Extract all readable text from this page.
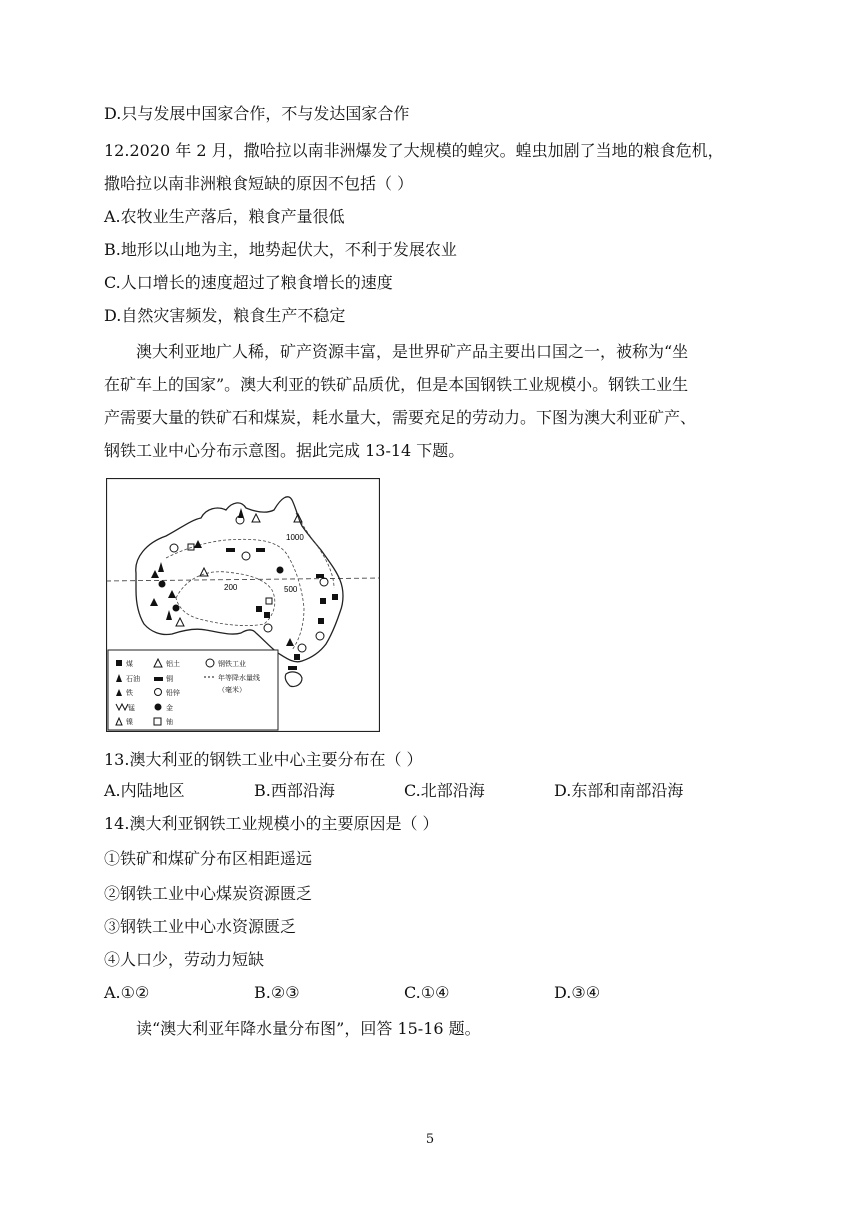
D.只与发展中国家合作，不与发达国家合作
12.2020 年 2 月，撒哈拉以南非洲爆发了大规模的蝗灾。蝗虫加剧了当地的粮食危机，
撒哈拉以南非洲粮食短缺的原因不包括（ ）
A.农牧业生产落后，粮食产量很低
B.地形以山地为主，地势起伏大，不利于发展农业
C.人口增长的速度超过了粮食增长的速度
D.自然灾害频发，粮食生产不稳定
澳大利亚地广人稀，矿产资源丰富，是世界矿产品主要出口国之一，被称为“坐
在矿车上的国家”。澳大利亚的铁矿品质优，但是本国钢铁工业规模小。钢铁工业生
产需要大量的铁矿石和煤炭，耗水量大，需要充足的劳动力。下图为澳大利亚矿产、
钢铁工业中心分布示意图。据此完成 13-14 下题。
1000
200	500
煤
石油
铁
锰
镍
铝土
铜
铅锌
金
铀
钢铁工业
年等降水量线
（毫米）
13.澳大利亚的钢铁工业中心主要分布在（ ）
A.内陆地区	B.西部沿海	C.北部沿海	D.东部和南部沿海
14.澳大利亚钢铁工业规模小的主要原因是（ ）
①铁矿和煤矿分布区相距遥远
②钢铁工业中心煤炭资源匮乏
③钢铁工业中心水资源匮乏
④人口少，劳动力短缺
A.①②	B.②③	C.①④	D.③④
读“澳大利亚年降水量分布图”，回答 15-16 题。
5
